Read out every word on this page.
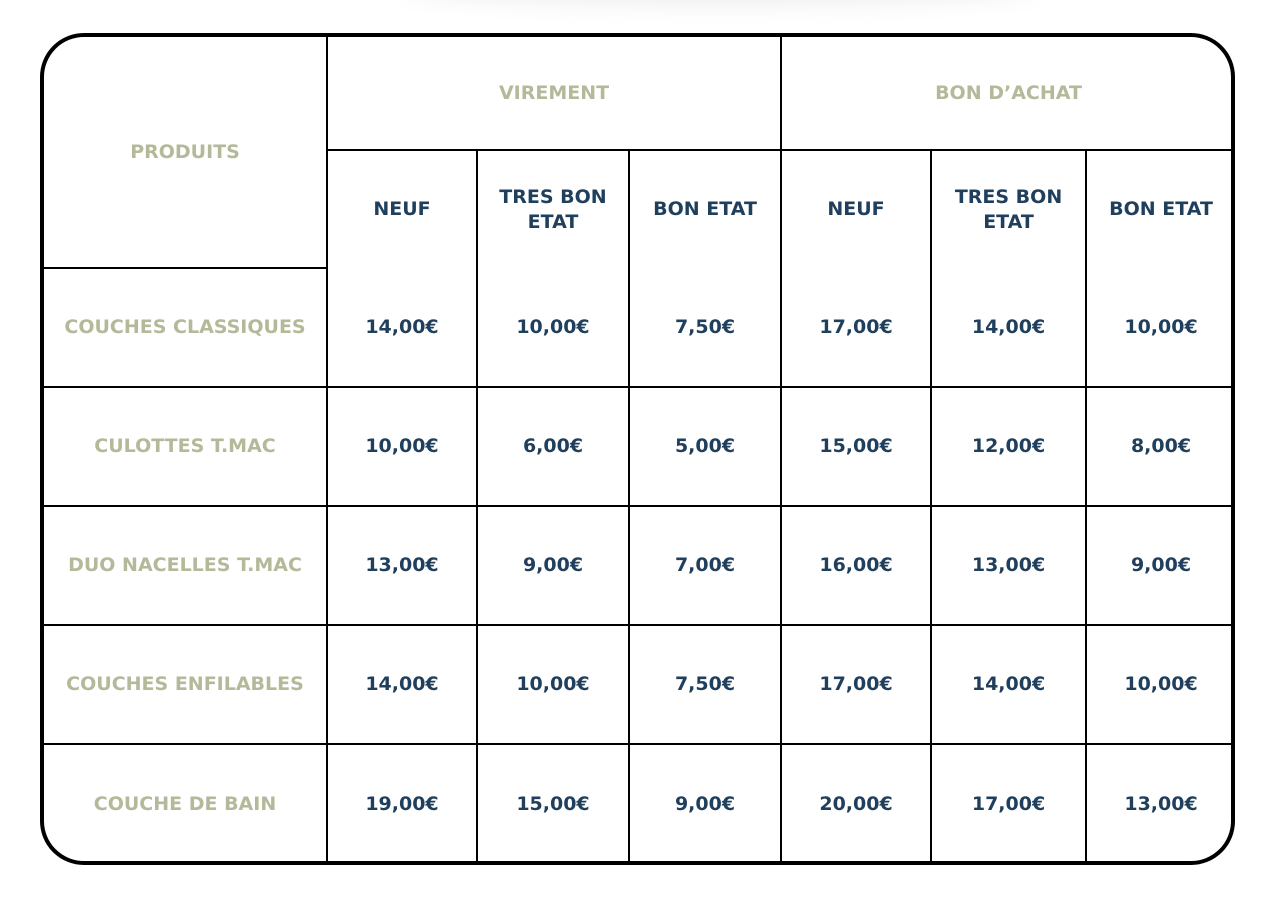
PRODUITS	VIREMENT			BON D’ACHAT		
	NEUF	TRES BON ETAT	BON ETAT	NEUF	TRES BON ETAT	BON ETAT
COUCHES CLASSIQUES	14,00€	10,00€	7,50€	17,00€	14,00€	10,00€
CULOTTES T.MAC	10,00€	6,00€	5,00€	15,00€	12,00€	8,00€
DUO NACELLES T.MAC	13,00€	9,00€	7,00€	16,00€	13,00€	9,00€
COUCHES ENFILABLES	14,00€	10,00€	7,50€	17,00€	14,00€	10,00€
COUCHE DE BAIN	19,00€	15,00€	9,00€	20,00€	17,00€	13,00€
